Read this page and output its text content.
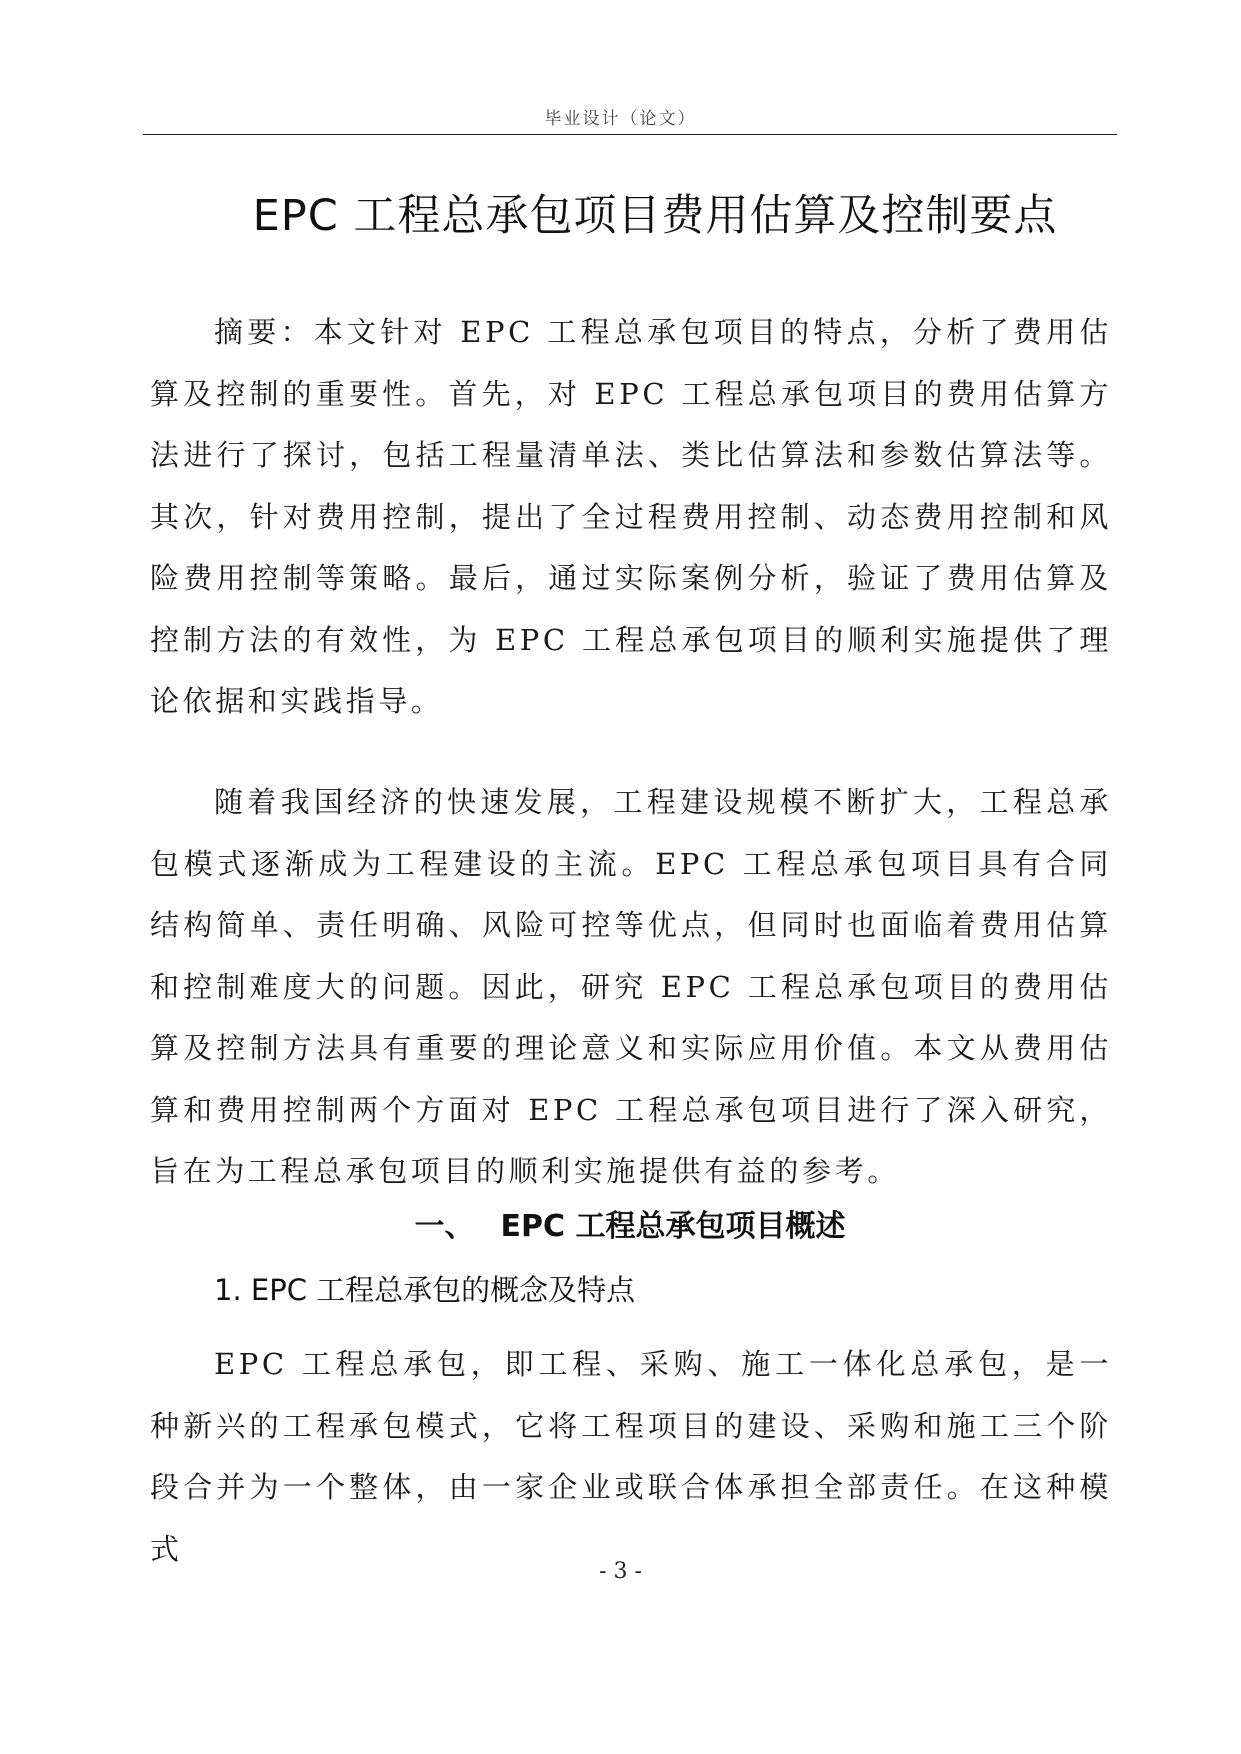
毕业设计（论文）
EPC 工程总承包项目费用估算及控制要点

摘要：本文针对 EPC 工程总承包项目的特点，分析了费用估算及控制的重要性。首先，对 EPC 工程总承包项目的费用估算方法进行了探讨，包括工程量清单法、类比估算法和参数估算法等。其次，针对费用控制，提出了全过程费用控制、动态费用控制和风险费用控制等策略。最后，通过实际案例分析，验证了费用估算及控制方法的有效性，为 EPC 工程总承包项目的顺利实施提供了理论依据和实践指导。

随着我国经济的快速发展，工程建设规模不断扩大，工程总承包模式逐渐成为工程建设的主流。EPC 工程总承包项目具有合同结构简单、责任明确、风险可控等优点，但同时也面临着费用估算和控制难度大的问题。因此，研究 EPC 工程总承包项目的费用估算及控制方法具有重要的理论意义和实际应用价值。本文从费用估算和费用控制两个方面对 EPC 工程总承包项目进行了深入研究，旨在为工程总承包项目的顺利实施提供有益的参考。

一、 EPC 工程总承包项目概述
1. EPC 工程总承包的概念及特点

EPC 工程总承包，即工程、采购、施工一体化总承包，是一种新兴的工程承包模式，它将工程项目的建设、采购和施工三个阶段合并为一个整体，由一家企业或联合体承担全部责任。在这种模式

- 3 -
